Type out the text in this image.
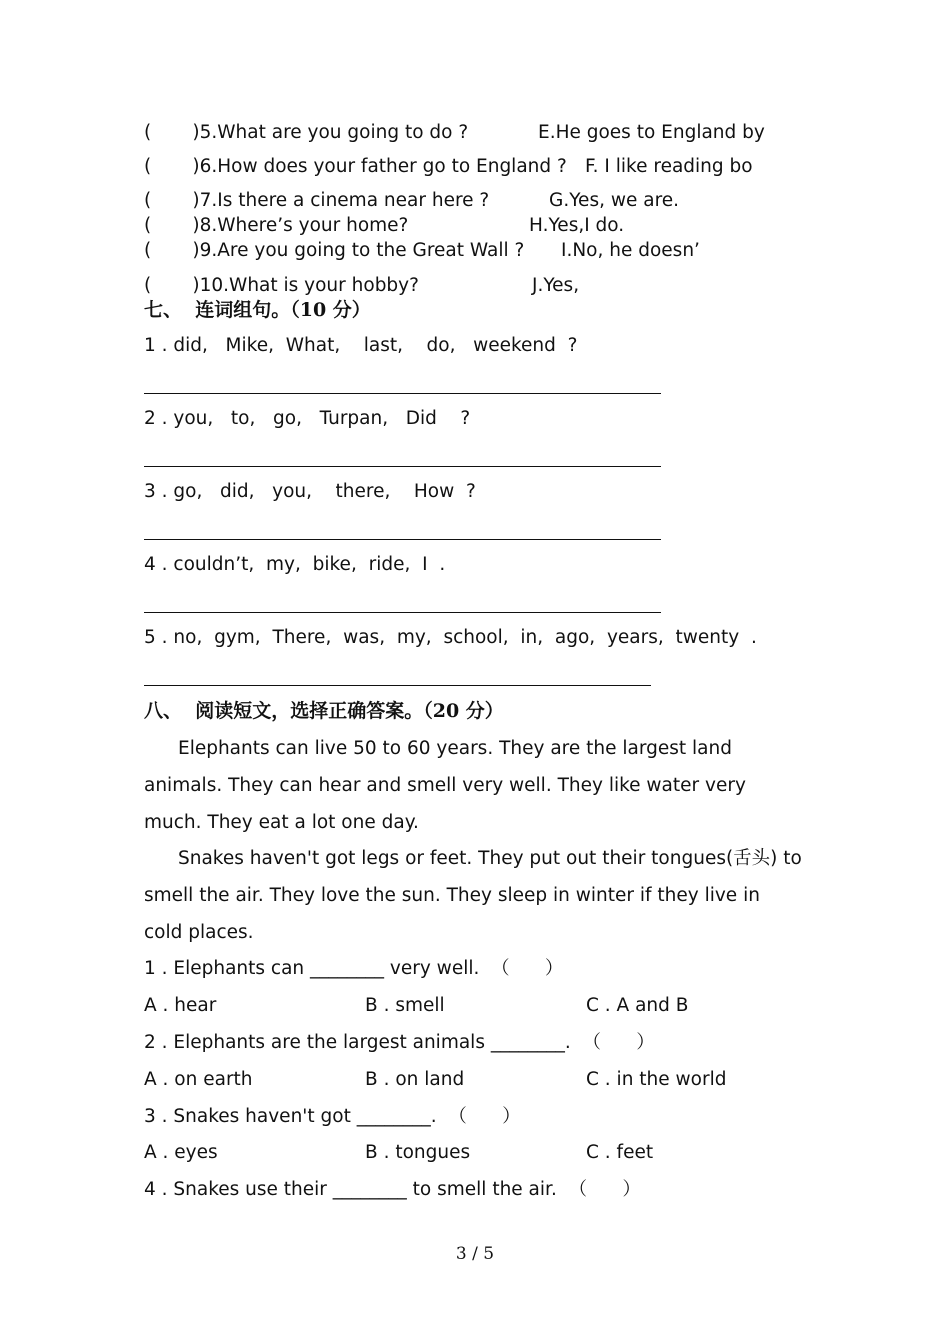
(       )5.What are you going to do ?	E.He goes to England by
(       )6.How does your father go to England ? F. I like reading bo
(       )7.Is there a cinema near here ?	G.Yes, we are.
(       )8.Where’s your home?	H.Yes,I do.
(       )9.Are you going to the Great Wall ? I.No, he doesn’
(       )10.What is your hobby?	J.Yes,
七、  连词组句。（10 分）
1 . did,   Mike,  What,    last,    do,   weekend  ?
2 . you,   to,   go,   Turpan,   Did    ?
3 . go,   did,   you,    there,    How  ?
4 . couldn’t,  my,  bike,  ride,  I  .
5 . no,  gym,  There,  was,  my,  school,  in,  ago,  years,  twenty  .
八、  阅读短文，选择正确答案。（20 分）

Elephants can live 50 to 60 years. They are the largest land animals. They can hear and smell very well. They like water very much. They eat a lot one day.

Snakes haven't got legs or feet. They put out their tongues(舌头) to smell the air. They love the sun. They sleep in winter if they live in cold places.

1 . Elephants can ________ very well.  （      ）
A . hear	B . smell	C . A and B
2 . Elephants are the largest animals ________.  （      ）
A . on earth	B . on land	C . in the world
3 . Snakes haven't got ________.  （      ）
A . eyes	B . tongues	C . feet
4 . Snakes use their ________ to smell the air.  （      ）
3 / 5
